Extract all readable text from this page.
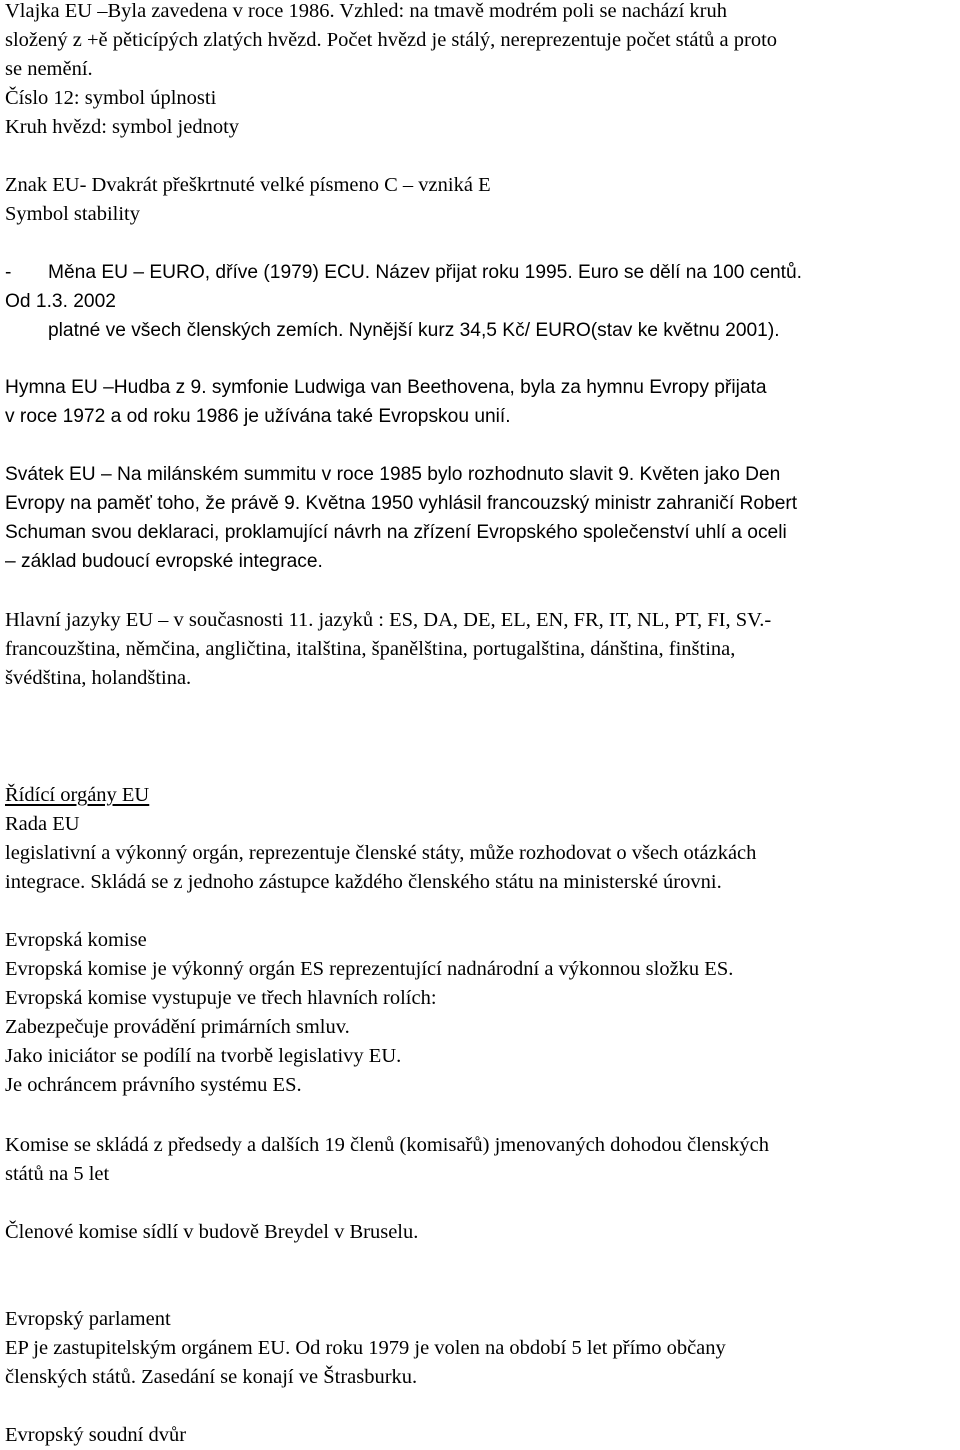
Vlajka EU –Byla zavedena v roce 1986. Vzhled: na tmavě modrém poli se nachází kruh
složený z +ě pěticípých zlatých hvězd. Počet hvězd je stálý, nereprezentuje počet států a proto
se nemění.
Číslo 12: symbol úplnosti
Kruh hvězd: symbol jednoty
Znak EU- Dvakrát přeškrtnuté velké písmeno C – vzniká E
Symbol stability
- Měna EU – EURO, dříve (1979) ECU. Název přijat roku 1995. Euro se dělí na 100 centů.
Od 1.3. 2002
platné ve všech členských zemích. Nynější kurz 34,5 Kč/ EURO(stav ke květnu 2001).
Hymna EU –Hudba z 9. symfonie Ludwiga van Beethovena, byla za hymnu Evropy přijata
v roce 1972 a od roku 1986 je užívána také Evropskou unií.
Svátek EU – Na milánském summitu v roce 1985 bylo rozhodnuto slavit 9. Květen jako Den
Evropy na paměť toho, že právě 9. Května 1950 vyhlásil francouzský ministr zahraničí Robert
Schuman svou deklaraci, proklamující návrh na zřízení Evropského společenství uhlí a oceli
– základ budoucí evropské integrace.
Hlavní jazyky EU – v současnosti 11. jazyků : ES, DA, DE, EL, EN, FR, IT, NL, PT, FI, SV.-
francouzština, němčina, angličtina, italština, španělština, portugalština, dánština, finština,
švédština, holandština.
Řídící orgány EU
Rada EU
legislativní a výkonný orgán, reprezentuje členské státy, může rozhodovat o všech otázkách
integrace. Skládá se z jednoho zástupce každého členského státu na ministerské úrovni.
Evropská komise
Evropská komise je výkonný orgán ES reprezentující nadnárodní a výkonnou složku ES.
Evropská komise vystupuje ve třech hlavních rolích:
Zabezpečuje provádění primárních smluv.
Jako iniciátor se podílí na tvorbě legislativy EU.
Je ochráncem právního systému ES.
Komise se skládá z předsedy a dalších 19 členů (komisařů) jmenovaných dohodou členských
států na 5 let
Členové komise sídlí v budově Breydel v Bruselu.
Evropský parlament
EP je zastupitelským orgánem EU. Od roku 1979 je volen na období 5 let přímo občany
členských států. Zasedání se konají ve Štrasburku.
Evropský soudní dvůr
